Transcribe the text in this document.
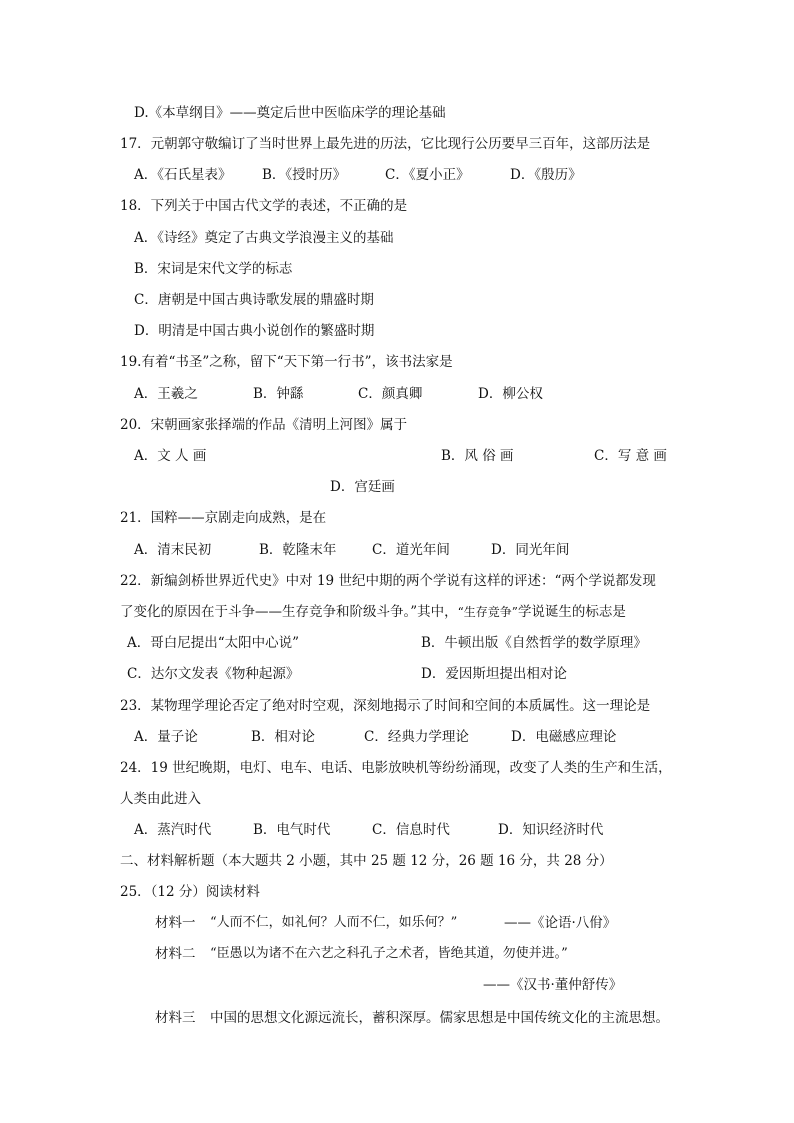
D.《本草纲目》——奠定后世中医临床学的理论基础
17．元朝郭守敬编订了当时世界上最先进的历法，它比现行公历要早三百年，这部历法是
A．《石氏星表》 B．《授时历》	C．《夏小正》	D．《殷历》
18．下列关于中国古代文学的表述，不正确的是
A．《诗经》奠定了古典文学浪漫主义的基础
B．宋词是宋代文学的标志
C．唐朝是中国古典诗歌发展的鼎盛时期
D．明清是中国古典小说创作的繁盛时期
19.有着“书圣”之称，留下“天下第一行书”，该书法家是
A．王羲之	B．钟繇	C．颜真卿	D．柳公权
20．宋朝画家张择端的作品《清明上河图》属于
A．文 人 画	B．风 俗 画	C．写 意 画
D．宫廷画
21．国粹——京剧走向成熟，是在
A．清末民初	B．乾隆末年	C．道光年间	D．同光年间
22．新编剑桥世界近代史》中对 19 世纪中期的两个学说有这样的评述：“两个学说都发现
了变化的原因在于斗争——生存竞争和阶级斗争。”其中，“生存竞争”学说诞生的标志是
A．哥白尼提出“太阳中心说”	B．牛顿出版《自然哲学的数学原理》
C．达尔文发表《物种起源》	D．爱因斯坦提出相对论
23．某物理学理论否定了绝对时空观，深刻地揭示了时间和空间的本质属性。这一理论是
A．量子论	B．相对论	C．经典力学理论	D．电磁感应理论
24．19 世纪晚期，电灯、电车、电话、电影放映机等纷纷涌现，改变了人类的生产和生活，
人类由此进入
A．蒸汽时代	B．电气时代	C．信息时代	D．知识经济时代
二、材料解析题（本大题共 2 小题，其中 25 题 12 分，26 题 16 分，共 28 分）
25．（12 分）阅读材料
材料一 “人而不仁，如礼何？人而不仁，如乐何？”	——《论语·八佾》
材料二 “臣愚以为诸不在六艺之科孔子之术者，皆绝其道，勿使并进。”
——《汉书·董仲舒传》
材料三 中国的思想文化源远流长，蓄积深厚。儒家思想是中国传统文化的主流思想。
